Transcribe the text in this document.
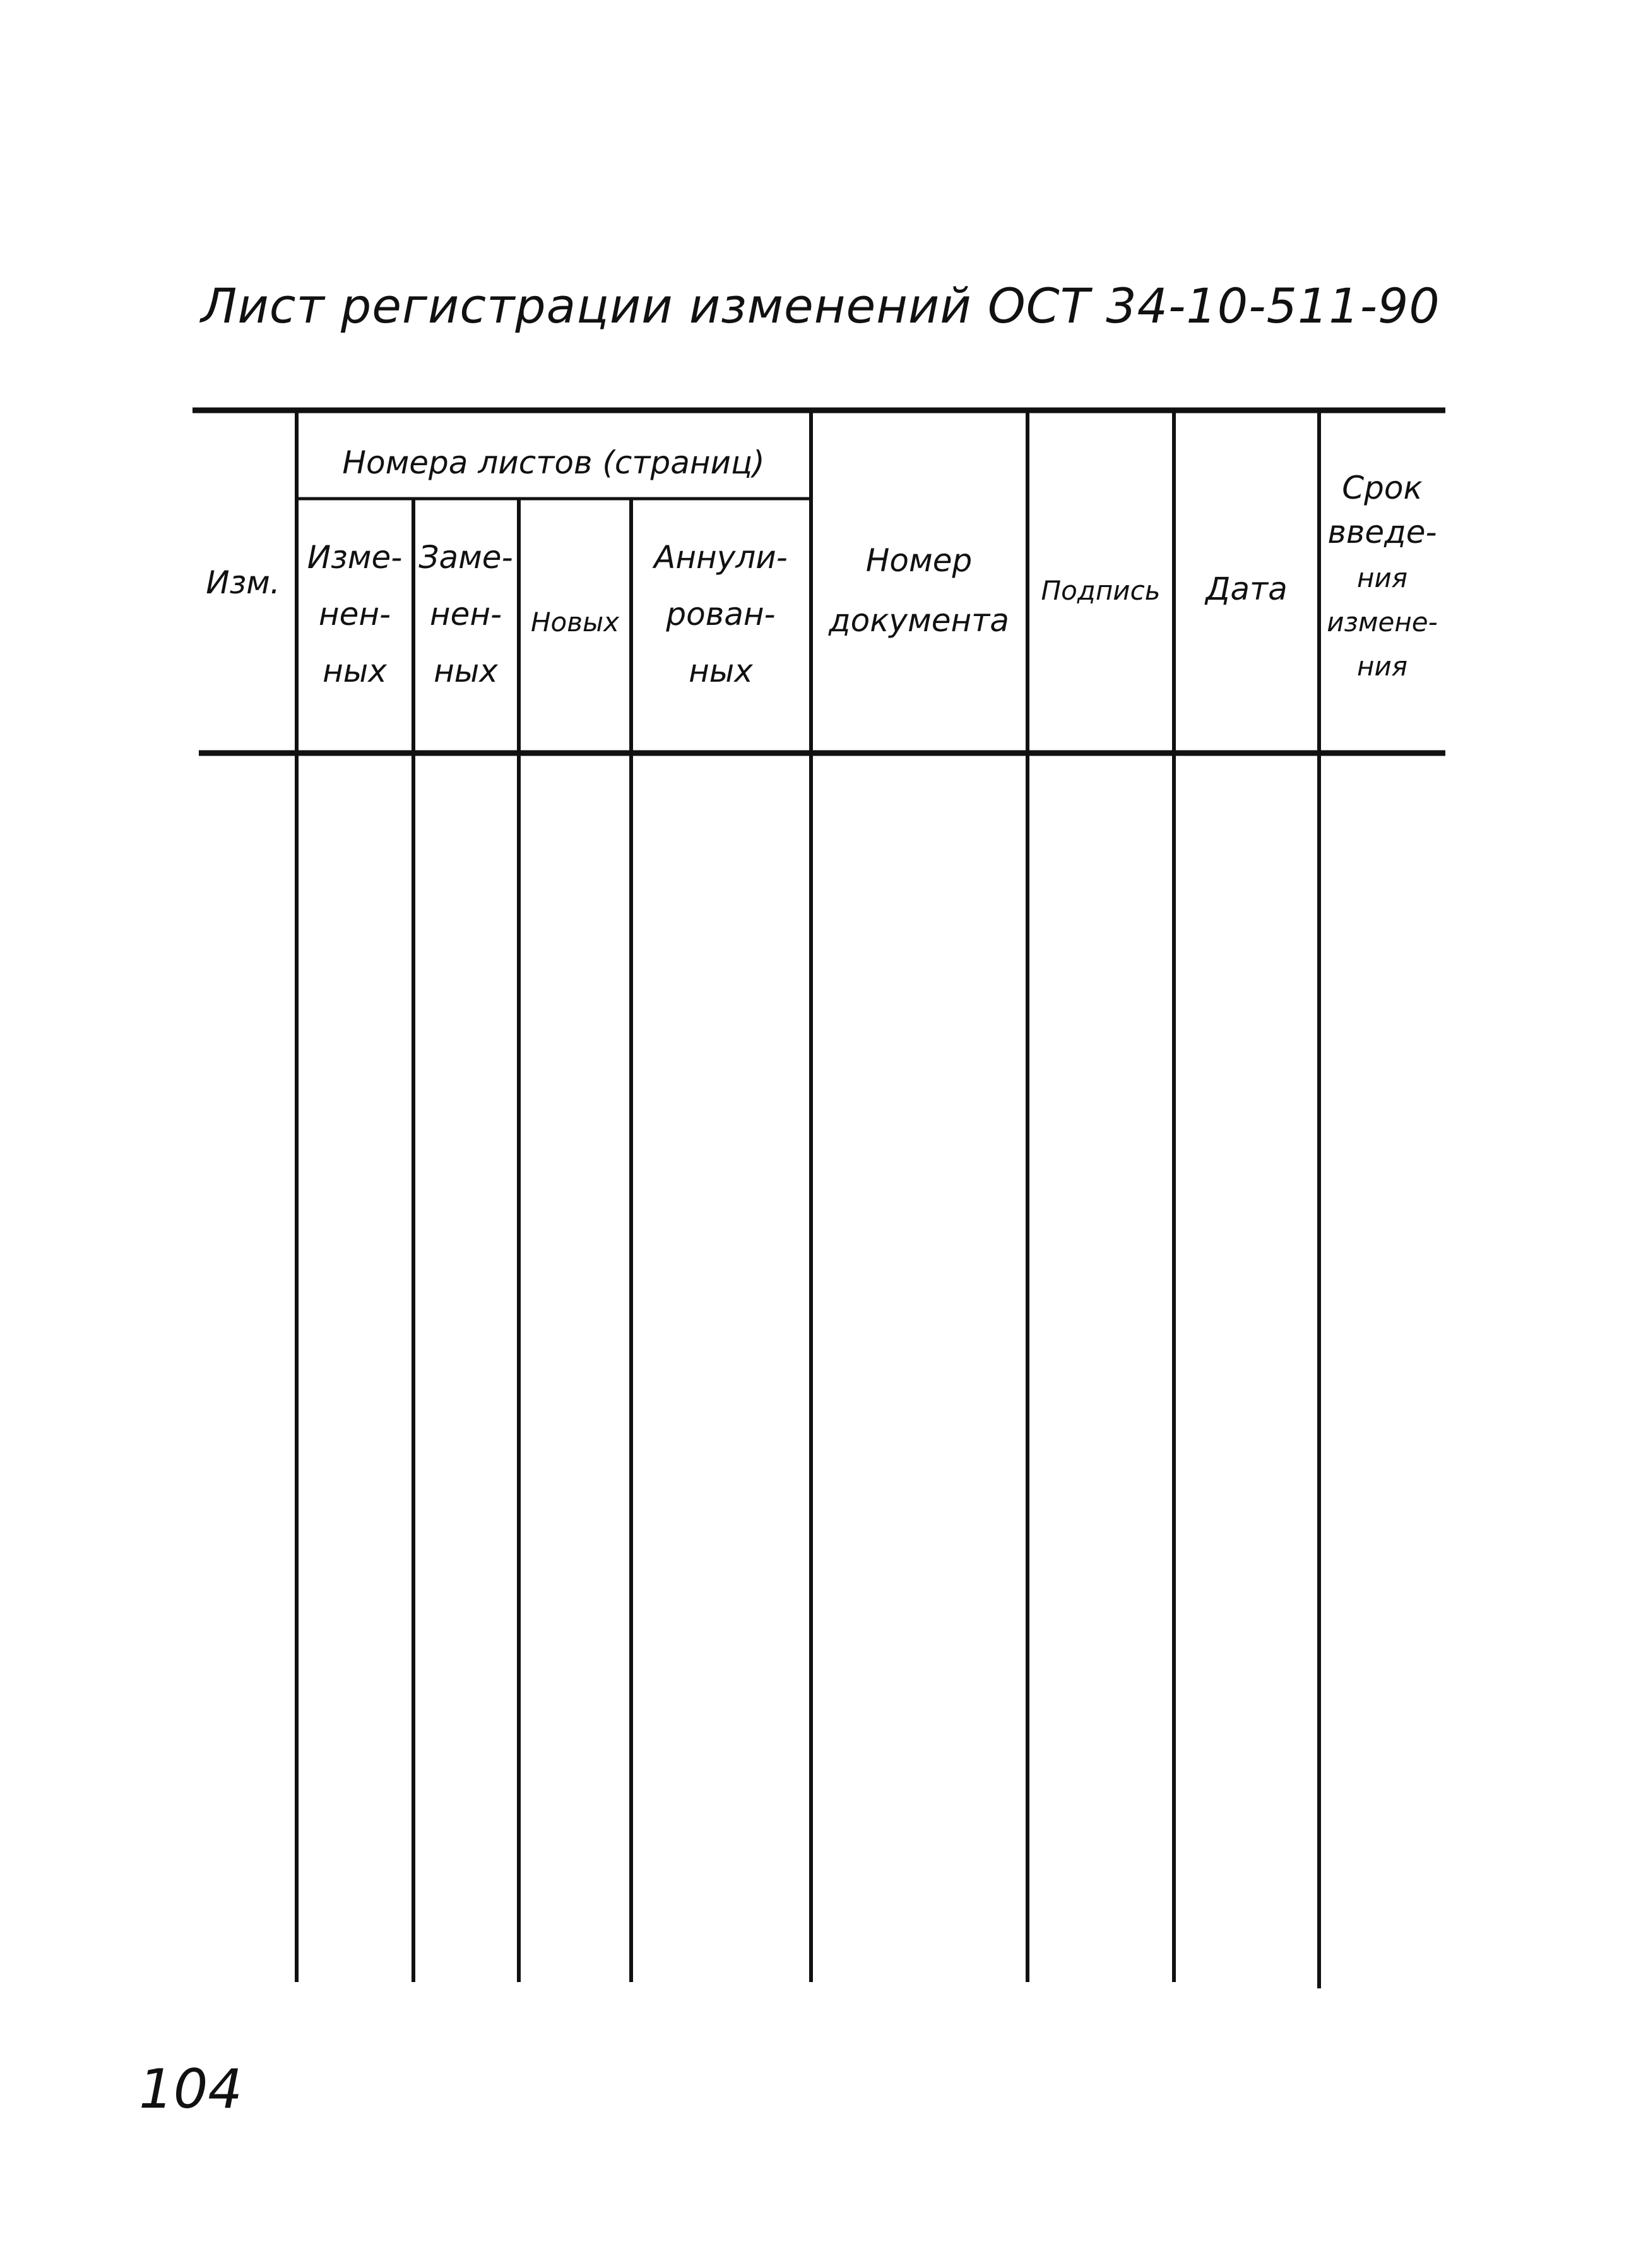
Лист регистрации изменений ОСТ 34-10-511-90
Изм.
Номера листов (страниц)
Изме-
нен-
ных
Заме-
нен-
ных
Новых
Аннули-
рован-
ных
Номер
документа
Подпись Дата
Срок
введе-
ния
измене-
ния
104
